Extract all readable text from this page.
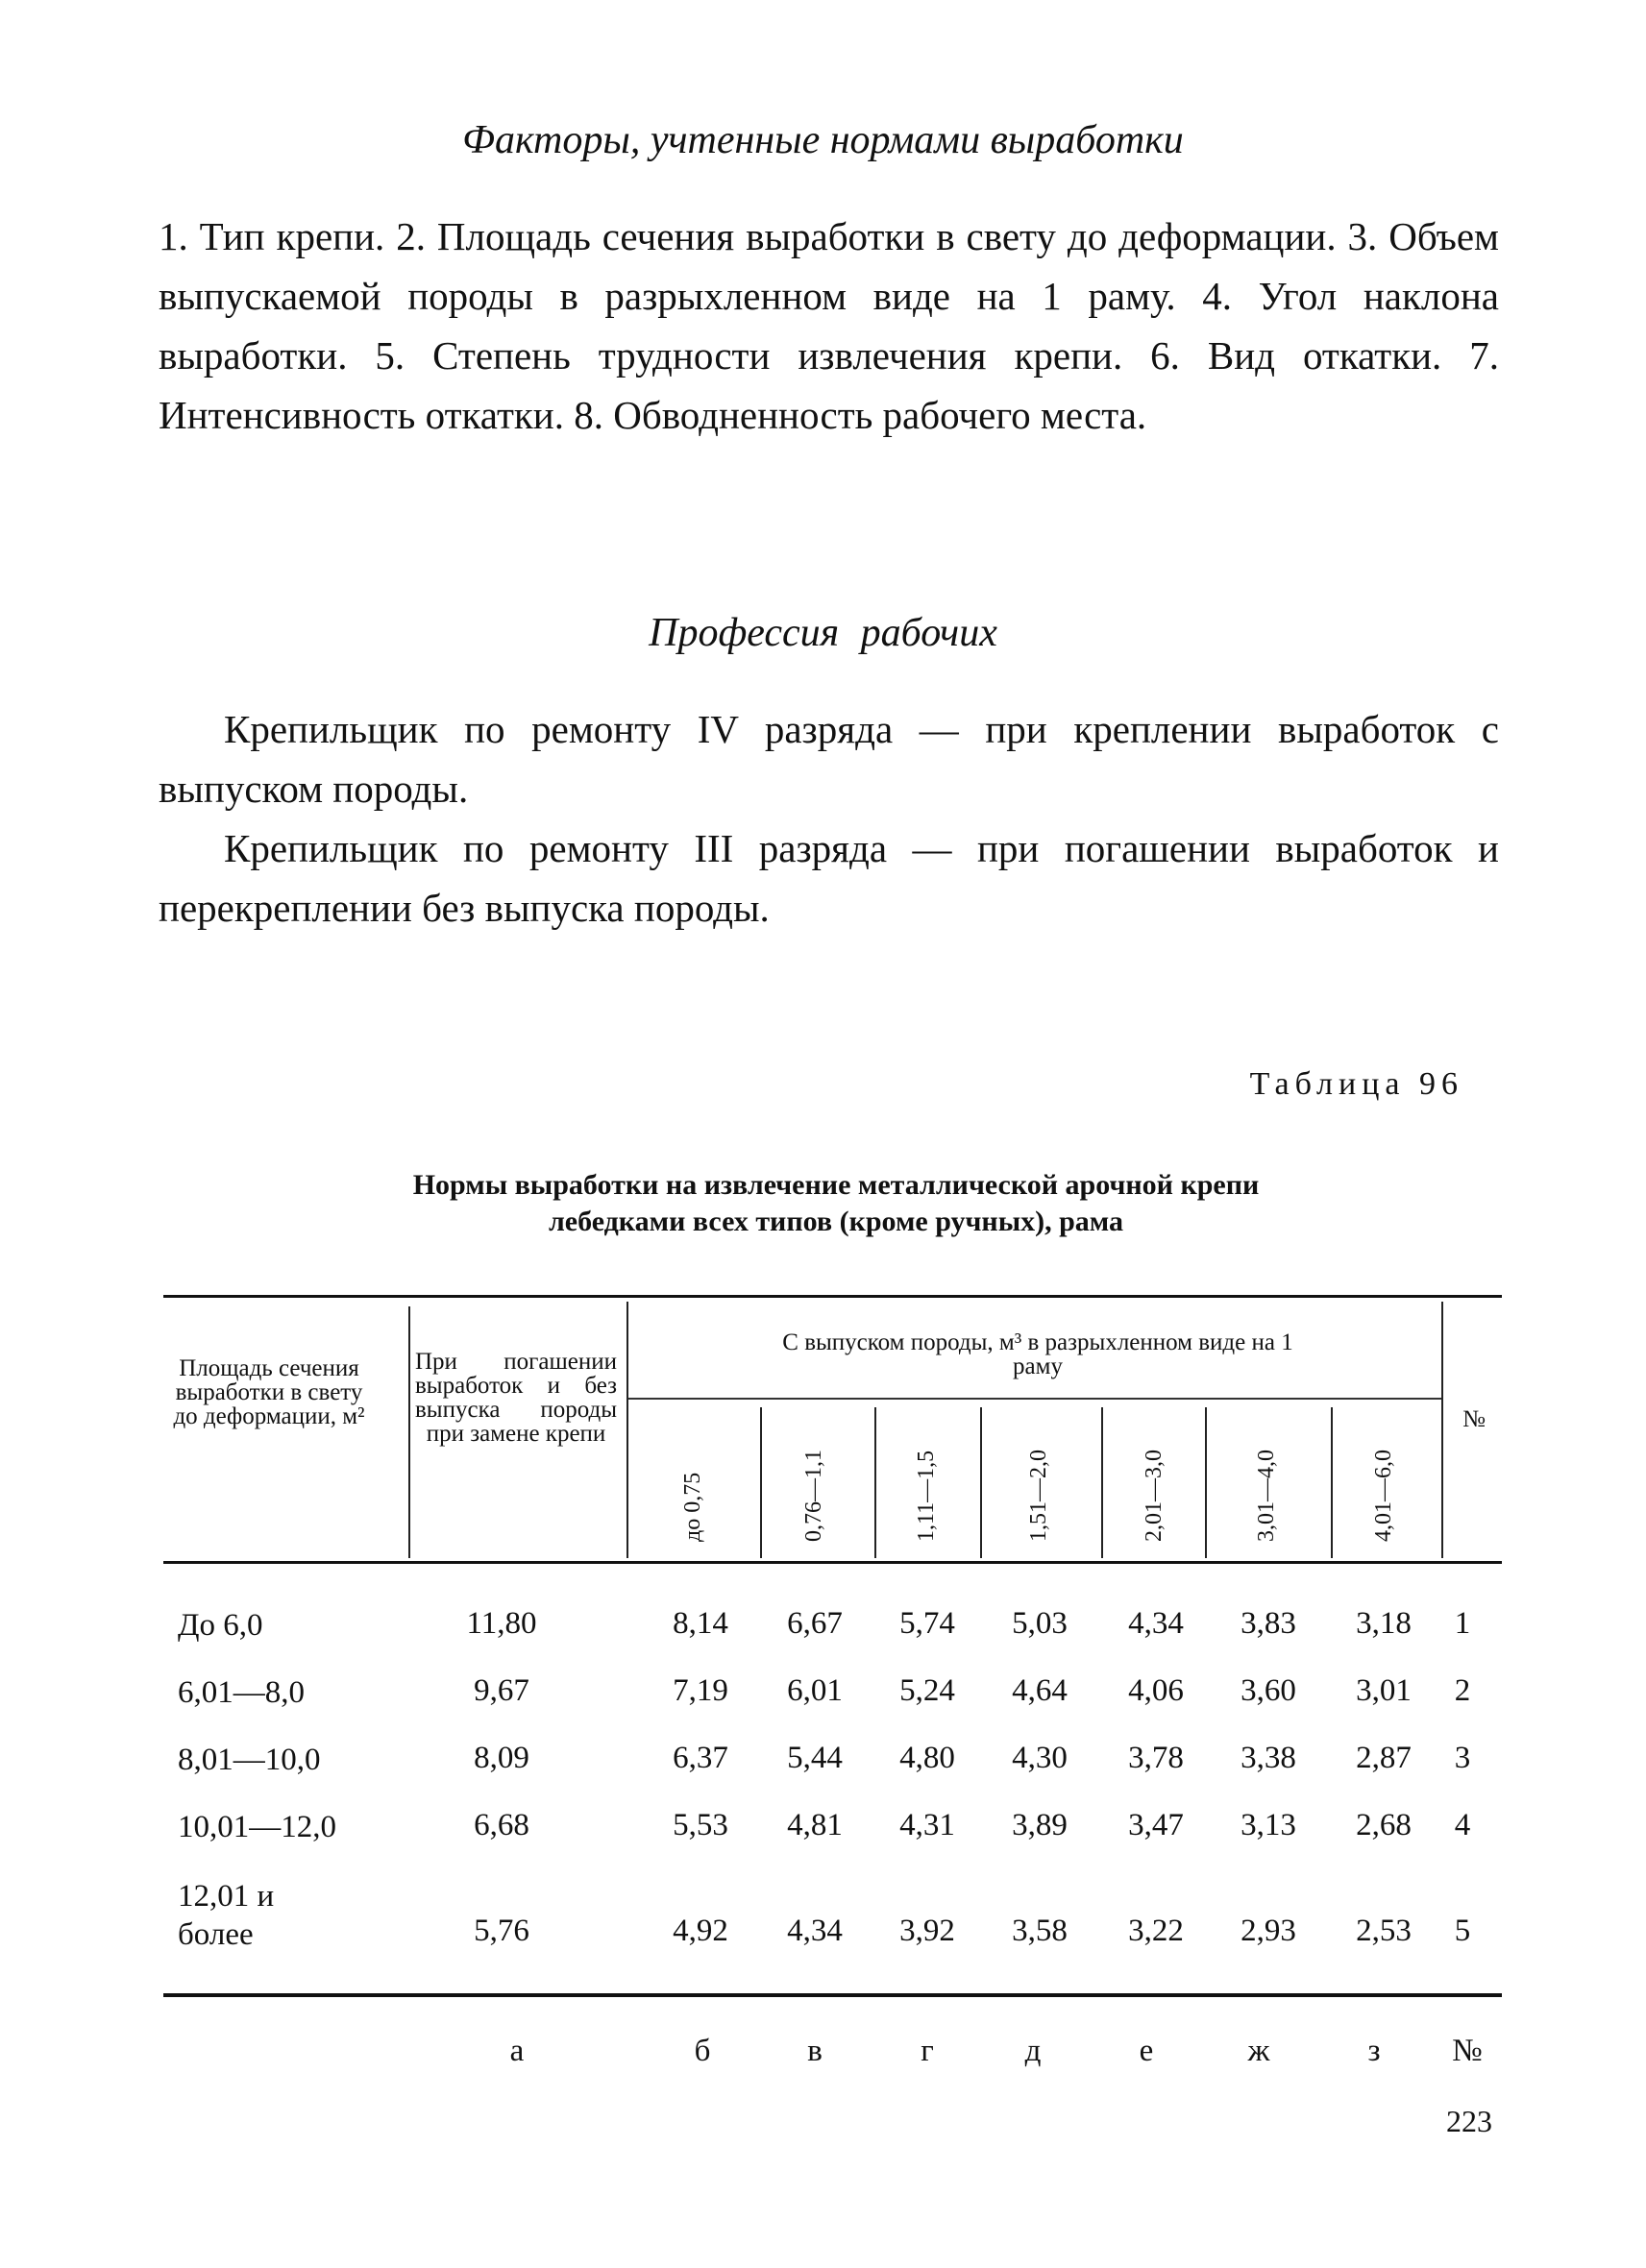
Факторы, учтенные нормами выработки

1. Тип крепи. 2. Площадь сечения выработки в свету до деформации. 3. Объем выпускаемой породы в разрыхленном виде на 1 раму. 4. Угол наклона выработки. 5. Степень трудности извлечения крепи. 6. Вид откатки. 7. Интенсивность откатки. 8. Обводненность рабочего места.

Профессия рабочих

Крепильщик по ремонту IV разряда — при креплении выработок с выпуском породы.

Крепильщик по ремонту III разряда — при погашении выработок и перекреплении без выпуска породы.

Таблица 96
Нормы выработки на извлечение металлической арочной крепи
лебедками всех типов (кроме ручных), рама
Площадь сечения выработки в свету до деформации, м²
При погашении выработок и без выпуска породы при замене крепи
С выпуском породы, м³ в разрыхленном виде на 1 раму
№
до 0,75	0,76—1,1	1,11—1,5	1,51—2,0	2,01—3,0	3,01—4,0	4,01—6,0
До 6,0	11,80	8,14 6,67 5,74 5,03 4,34 3,83 3,18 1
6,01—8,0	9,67	7,19 6,01 5,24 4,64 4,06 3,60 3,01 2
8,01—10,0	8,09	6,37 5,44 4,80 4,30 3,78 3,38 2,87 3
10,01—12,0	6,68	5,53 4,81 4,31 3,89 3,47 3,13 2,68 4
12,01 и более	5,76	4,92 4,34 3,92 3,58 3,22 2,93 2,53 5
а	б	в	г	д	е	ж	з №
223
